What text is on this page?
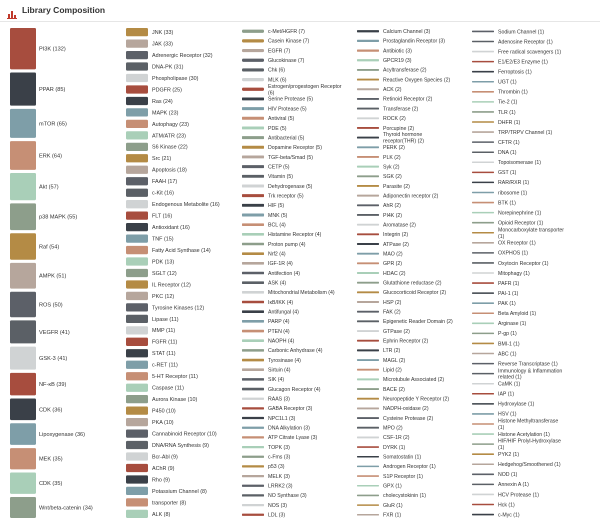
Library Composition
PI3K (132)
PPAR (85)
mTOR (65)
ERK (64)
Akt (57)
p38 MAPK (55)
Raf (54)
AMPK (51)
ROS (50)
VEGFR (41)
GSK-3 (41)
NF-κB (39)
CDK (36)
Lipoxygenase (36)
MEK (35)
CDK (35)
Wnt/beta-catenin (34)
JNK (33)
JAK (33)
Adrenergic Receptor (32)
DNA-PK (31)
Phospholipase (30)
PDGFR (25)
Ras (24)
MAPK (23)
Autophagy (23)
ATM/ATR (23)
S6 Kinase (22)
Src (21)
Apoptosis (18)
FAAH (17)
c-Kit (16)
Endogenous Metabolite (16)
FLT (16)
Antioxidant (16)
TNF (15)
Fatty Acid Synthase (14)
PDK (13)
SGLT (12)
IL Receptor (12)
PKC (12)
Tyrosine Kinases (12)
Lipase (11)
MMP (11)
FGFR (11)
STAT (11)
c-RET (11)
5-HT Receptor (11)
Caspase (11)
Aurora Kinase (10)
P450 (10)
PKA (10)
Cannabinoid Receptor (10)
DNA/RNA Synthesis (9)
Bcr-Abl (9)
AChR (9)
Rho (9)
Potassium Channel (8)
transporter (8)
ALK (8)
c-Met/HGFR (7)
Casein Kinase (7)
EGFR (7)
Glucokinase (7)
Chk (6)
MLK (6)
Estrogen/progestogen Receptor (6)
Serine Protease (5)
HIV Protease (5)
Antiviral (5)
PDE (5)
Antibacterial (5)
Dopamine Receptor (5)
TGF-beta/Smad (5)
CETP (5)
Vitamin (5)
Dehydrogenase (5)
Trk receptor (5)
HIF (5)
MNK (5)
BCL (4)
Histamine Receptor (4)
Proton pump (4)
Nrf2 (4)
IGF-1R (4)
Antifection (4)
ASK (4)
Mitochondrial Metabolism (4)
IκB/IKK (4)
Antifungal (4)
PARP (4)
PTEN (4)
NAOPH (4)
Carbonic Anhydrase (4)
Tyrosinase (4)
Sirtuin (4)
SIK (4)
Glucagon Receptor (4)
RAAS (3)
GABA Receptor (3)
NPC1L1 (3)
DNA Alkylation (3)
ATP Citrate Lyase (3)
TOPK (3)
c-Fms (3)
p53 (3)
MELK (3)
LRRK2 (3)
NO Synthase (3)
NOS (3)
LDL (3)
Calcium Channel (3)
Prostaglandin Receptor (3)
Antibiotic (3)
GPCR19 (3)
Acyltransferase (2)
Reactive Oxygen Species (2)
ACK (2)
Retinoid Receptor (2)
Transferase (2)
ROCK (2)
Porcupine (2)
Thyroid hormone receptor(THR) (2)
PERK (2)
PLK (2)
Syk (2)
SGK (2)
Parasite (2)
Adiponectin receptor (2)
AhR (2)
PI4K (2)
Aromatase (2)
Integrin (2)
ATPase (2)
MAO (2)
GPR (2)
HDAC (2)
Glutathione reductase (2)
Glucocorticoid Receptor (2)
HSP (2)
FAK (2)
Epigenetic Reader Domain (2)
GTPase (2)
Ephrin Receptor (2)
LTR (2)
MAGL (2)
Lipid (2)
Microtubule Associated (2)
BACE (2)
Neuropeptide Y Receptor (2)
NADPH-oxidase (2)
Cysteine Protease (2)
MPO (2)
CSF-1R (2)
DYRK (1)
Somatostatin (1)
Androgen Receptor (1)
S1P Receptor (1)
GPX (1)
cholecystokinin (1)
GluR (1)
FXR (1)
Sodium Channel (1)
Adenosine Receptor (1)
Free radical scavengers (1)
E1/E2/E3 Enzyme (1)
Ferroptosis (1)
UGT (1)
Thrombin (1)
Tie-2 (1)
TLR (1)
DHFR (1)
TRP/TRPV Channel (1)
CFTR (1)
DNA (1)
Topoisomerase (1)
GST (1)
RAR/RXR (1)
ribosome (1)
BTK (1)
Norepinephrine (1)
Opioid Receptor (1)
Monocarboxylate transporter (1)
OX Receptor (1)
OXPHOS (1)
Oxytocin Receptor (1)
Mitophagy (1)
PAFR (1)
PAI-1 (1)
PAK (1)
Beta Amyloid (1)
Arginase (1)
P-gp (1)
BMI-1 (1)
ABC (1)
Reverse Transcriptase (1)
Immunology & Inflammation related (1)
CaMK (1)
IAP (1)
Hydroxylase (1)
HSV (1)
Histone Methyltransferase (1)
Histone Acetylation (1)
HIF/HIF Prolyl-Hydroxylase (1)
PYK2 (1)
Hedgehog/Smoothened (1)
NOD (1)
Annexin A (1)
HCV Protease (1)
Hck (1)
c-Myc (1)
